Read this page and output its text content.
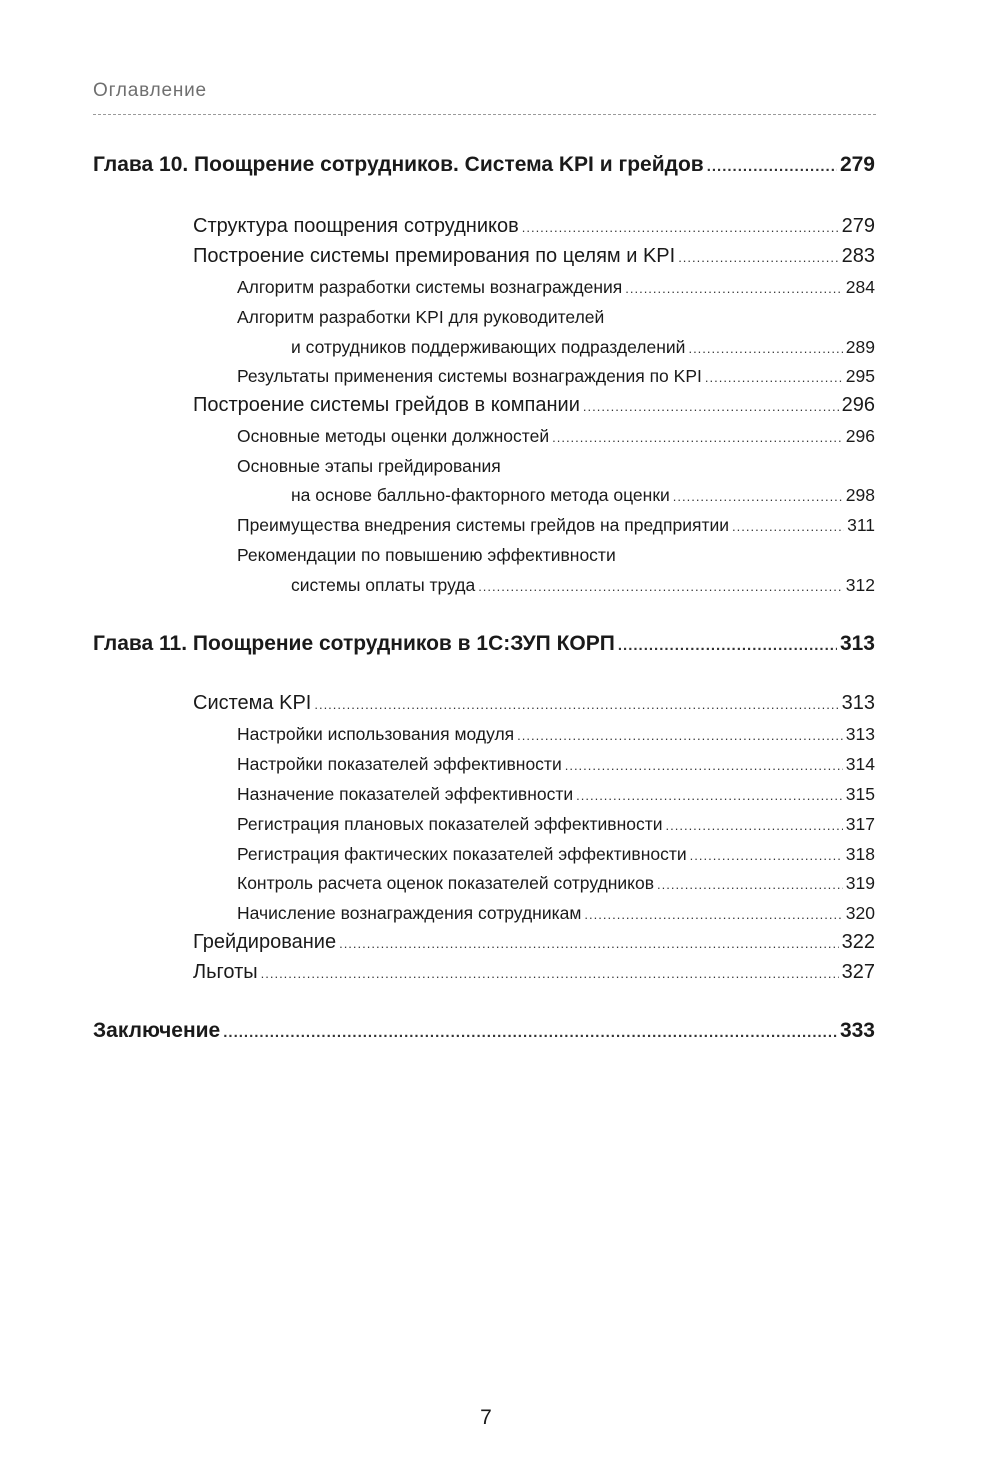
Оглавление
Глава 10. Поощрение сотрудников. Система KPI и грейдов .....	279
Структура поощрения сотрудников .....	279
Построение системы премирования по целям и KPI .....	283
Алгоритм разработки системы вознаграждения .....	284
Алгоритм разработки KPI для руководителей
и сотрудников поддерживающих подразделений .....	289
Результаты применения системы вознаграждения по KPI .....	295
Построение системы грейдов в компании .....	296
Основные методы оценки должностей .....	296
Основные этапы грейдирования
на основе балльно-факторного метода оценки .....	298
Преимущества внедрения системы грейдов на предприятии .....	311
Рекомендации по повышению эффективности
системы оплаты труда .....	312
Глава 11. Поощрение сотрудников в 1С:ЗУП КОРП .....	313
Система KPI .....	313
Настройки использования модуля .....	313
Настройки показателей эффективности .....	314
Назначение показателей эффективности .....	315
Регистрация плановых показателей эффективности .....	317
Регистрация фактических показателей эффективности .....	318
Контроль расчета оценок показателей сотрудников .....	319
Начисление вознаграждения сотрудникам .....	320
Грейдирование .....	322
Льготы .....	327
Заключение .....	333
7
